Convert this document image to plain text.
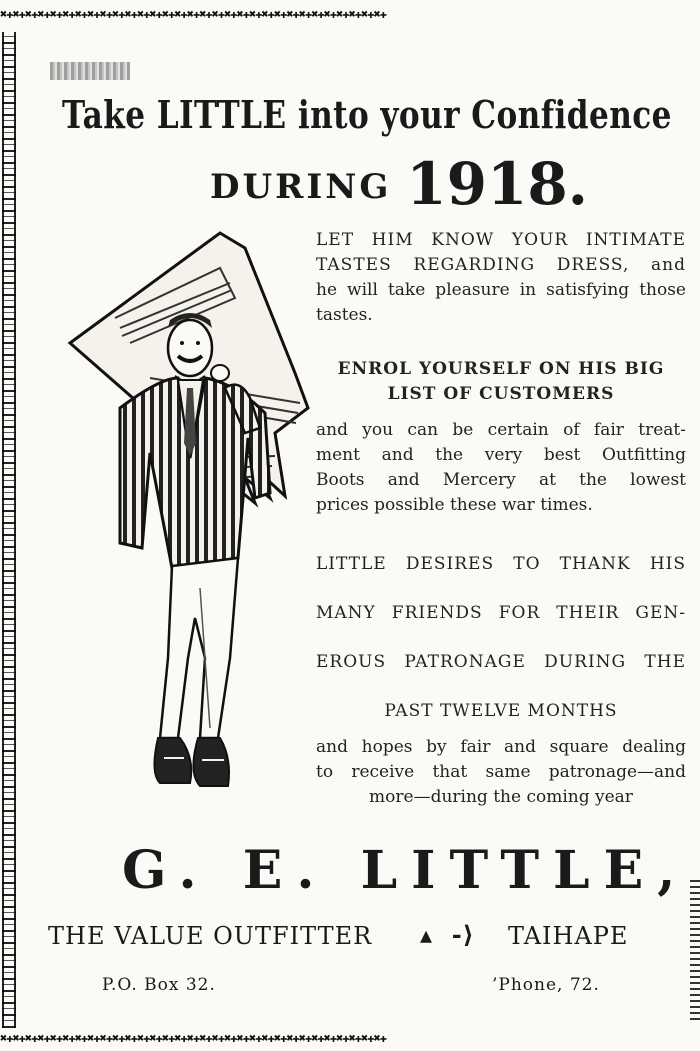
✖✚✖✚✖✚✖✚✖✚✖✚✖✚✖✚✖✚✖✚✖✚✖✚✖✚✖✚✖✚✖✚✖✚✖✚✖✚✖✚✖✚✖✚✖✚✖✚✖✚✖✚✖✚✖✚✖✚✖✚✖✚
Take LITTLE into your Confidence
DURING 1918.
LET HIM KNOW YOUR INTIMATE
TASTES REGARDING DRESS, and
he will take pleasure in satisfying those
tastes.
ENROL YOURSELF ON HIS BIG
LIST OF CUSTOMERS
and you can be certain of fair treat-
ment and the very best Outfitting
Boots and Mercery at the lowest
prices possible these war times.
LITTLE DESIRES TO THANK HIS
MANY FRIENDS FOR THEIR GEN-
EROUS PATRONAGE DURING THE
PAST TWELVE MONTHS
and hopes by fair and square dealing
to receive that same patronage—and
more—during the coming year
G. E. LITTLE,
THE VALUE OUTFITTER ▴  -⟩ TAIHAPE
P.O. Box 32.	’Phone, 72.
✖✚✖✚✖✚✖✚✖✚✖✚✖✚✖✚✖✚✖✚✖✚✖✚✖✚✖✚✖✚✖✚✖✚✖✚✖✚✖✚✖✚✖✚✖✚✖✚✖✚✖✚✖✚✖✚✖✚✖✚✖✚
